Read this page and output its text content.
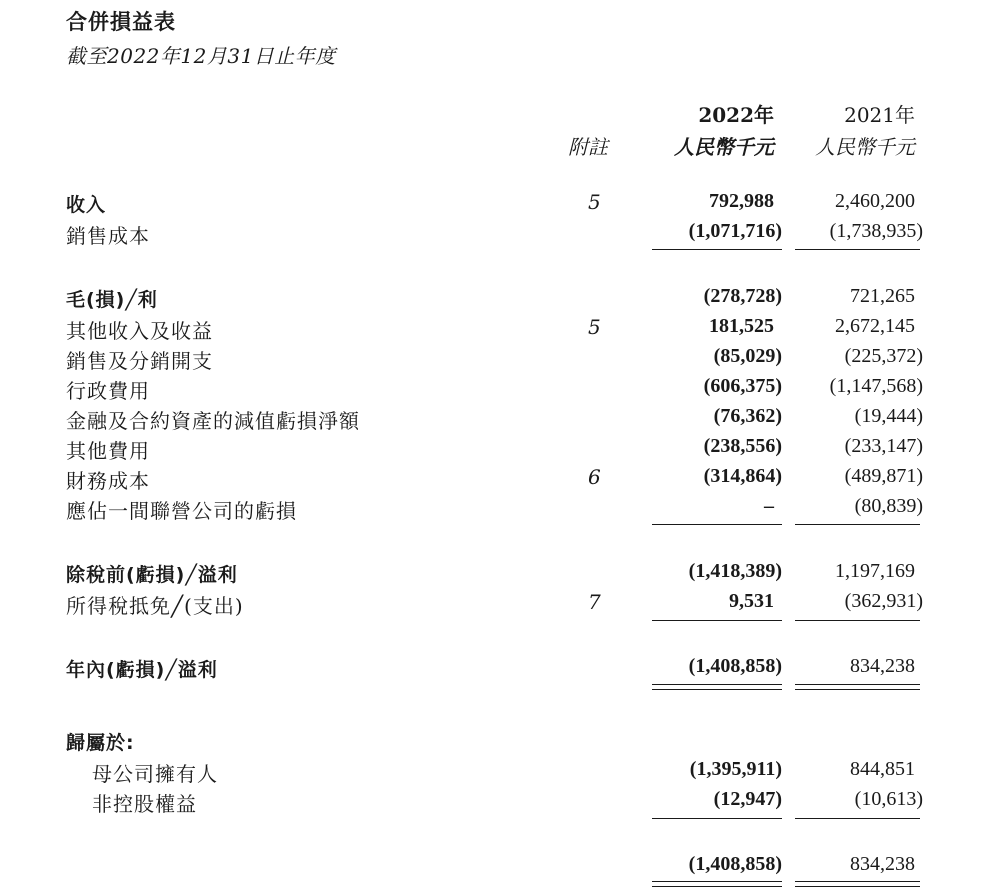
合併損益表
截至2022年12月31日止年度
2022年	2021年
附註	人民幣千元 人民幣千元
收入	5	792,988	2,460,200
銷售成本	(1,071,716) (1,738,935)
毛(損)╱利	(278,728)	721,265
其他收入及收益	5	181,525	2,672,145
銷售及分銷開支	(85,029)	(225,372)
行政費用	(606,375) (1,147,568)
金融及合約資產的減值虧損淨額	(76,362)	(19,444)
其他費用	(238,556)	(233,147)
財務成本	6	(314,864)	(489,871)
應佔一間聯營公司的虧損	–	(80,839)
除稅前(虧損)╱溢利	(1,418,389)	1,197,169
所得稅抵免╱(支出)	7	9,531	(362,931)
年內(虧損)╱溢利	(1,408,858)	834,238
歸屬於:
母公司擁有人	(1,395,911)	844,851
非控股權益	(12,947)	(10,613)
(1,408,858)	834,238
